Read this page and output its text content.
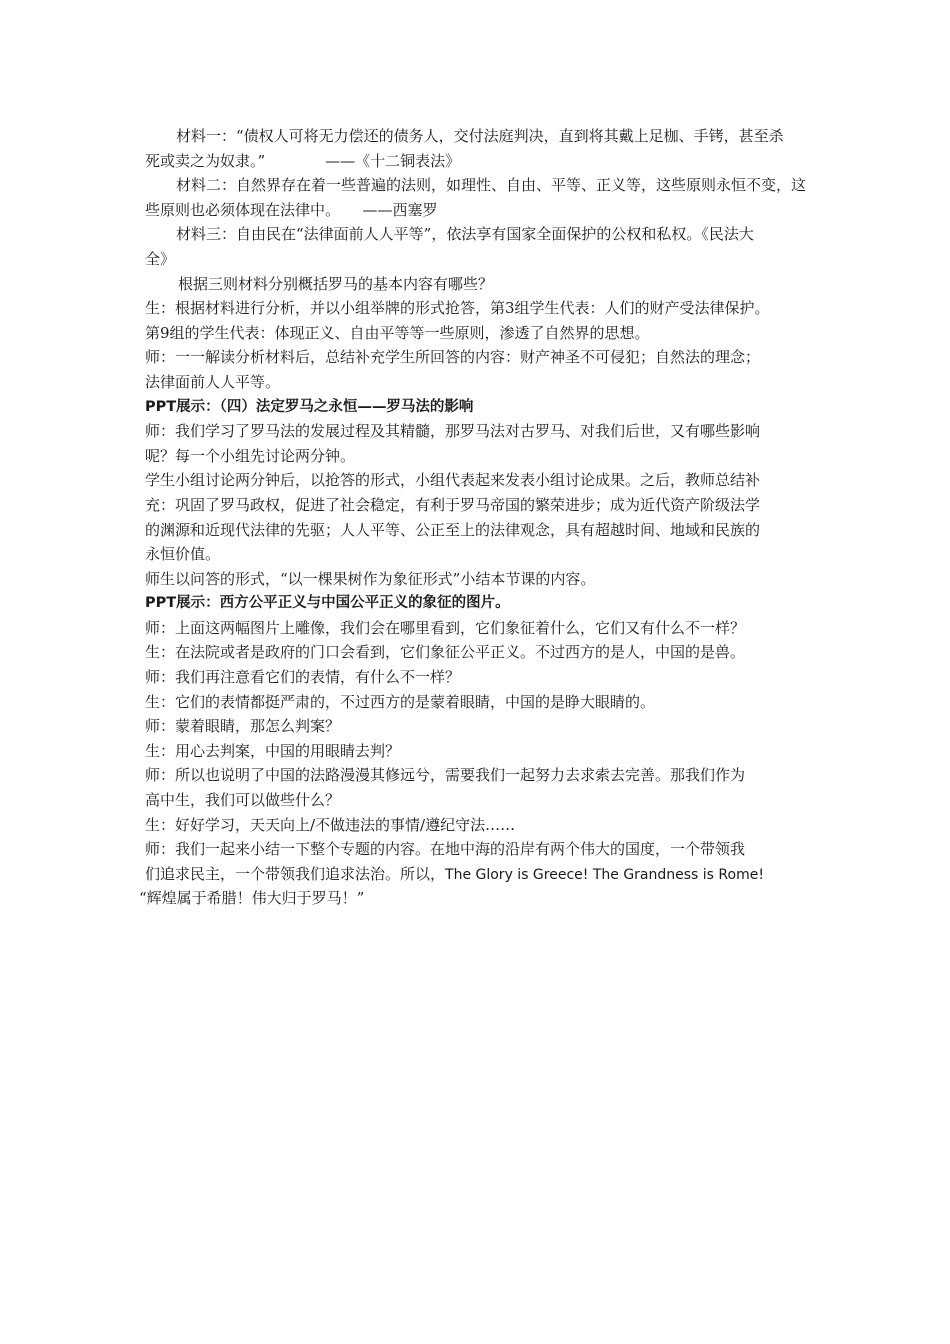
材料一：“债权人可将无力偿还的债务人，交付法庭判决，直到将其戴上足枷、手铐，甚至杀
死或卖之为奴隶。”　　　　——《十二铜表法》
材料二：自然界存在着一些普遍的法则，如理性、自由、平等、正义等，这些原则永恒不变，这
些原则也必须体现在法律中。　　——西塞罗
材料三：自由民在“法律面前人人平等”，依法享有国家全面保护的公权和私权。《民法大
全》
根据三则材料分别概括罗马的基本内容有哪些？
生：根据材料进行分析，并以小组举牌的形式抢答，第3组学生代表：人们的财产受法律保护。
第9组的学生代表：体现正义、自由平等等一些原则，渗透了自然界的思想。
师：一一解读分析材料后，总结补充学生所回答的内容：财产神圣不可侵犯；自然法的理念；
法律面前人人平等。
PPT展示：（四）法定罗马之永恒——罗马法的影响
师：我们学习了罗马法的发展过程及其精髓，那罗马法对古罗马、对我们后世，又有哪些影响
呢？每一个小组先讨论两分钟。
学生小组讨论两分钟后，以抢答的形式，小组代表起来发表小组讨论成果。之后，教师总结补
充：巩固了罗马政权，促进了社会稳定，有利于罗马帝国的繁荣进步；成为近代资产阶级法学
的渊源和近现代法律的先驱；人人平等、公正至上的法律观念，具有超越时间、地域和民族的
永恒价值。
师生以问答的形式，“以一棵果树作为象征形式”小结本节课的内容。
PPT展示：西方公平正义与中国公平正义的象征的图片。
师：上面这两幅图片上雕像，我们会在哪里看到，它们象征着什么，它们又有什么不一样？
生：在法院或者是政府的门口会看到，它们象征公平正义。不过西方的是人，中国的是兽。
师：我们再注意看它们的表情，有什么不一样？
生：它们的表情都挺严肃的，不过西方的是蒙着眼睛，中国的是睁大眼睛的。
师：蒙着眼睛，那怎么判案？
生：用心去判案，中国的用眼睛去判？
师：所以也说明了中国的法路漫漫其修远兮，需要我们一起努力去求索去完善。那我们作为
高中生，我们可以做些什么？
生：好好学习，天天向上/不做违法的事情/遵纪守法……
师：我们一起来小结一下整个专题的内容。在地中海的沿岸有两个伟大的国度，一个带领我
们追求民主，一个带领我们追求法治。所以，The Glory is Greece! The Grandness is Rome!
“辉煌属于希腊！伟大归于罗马！”
